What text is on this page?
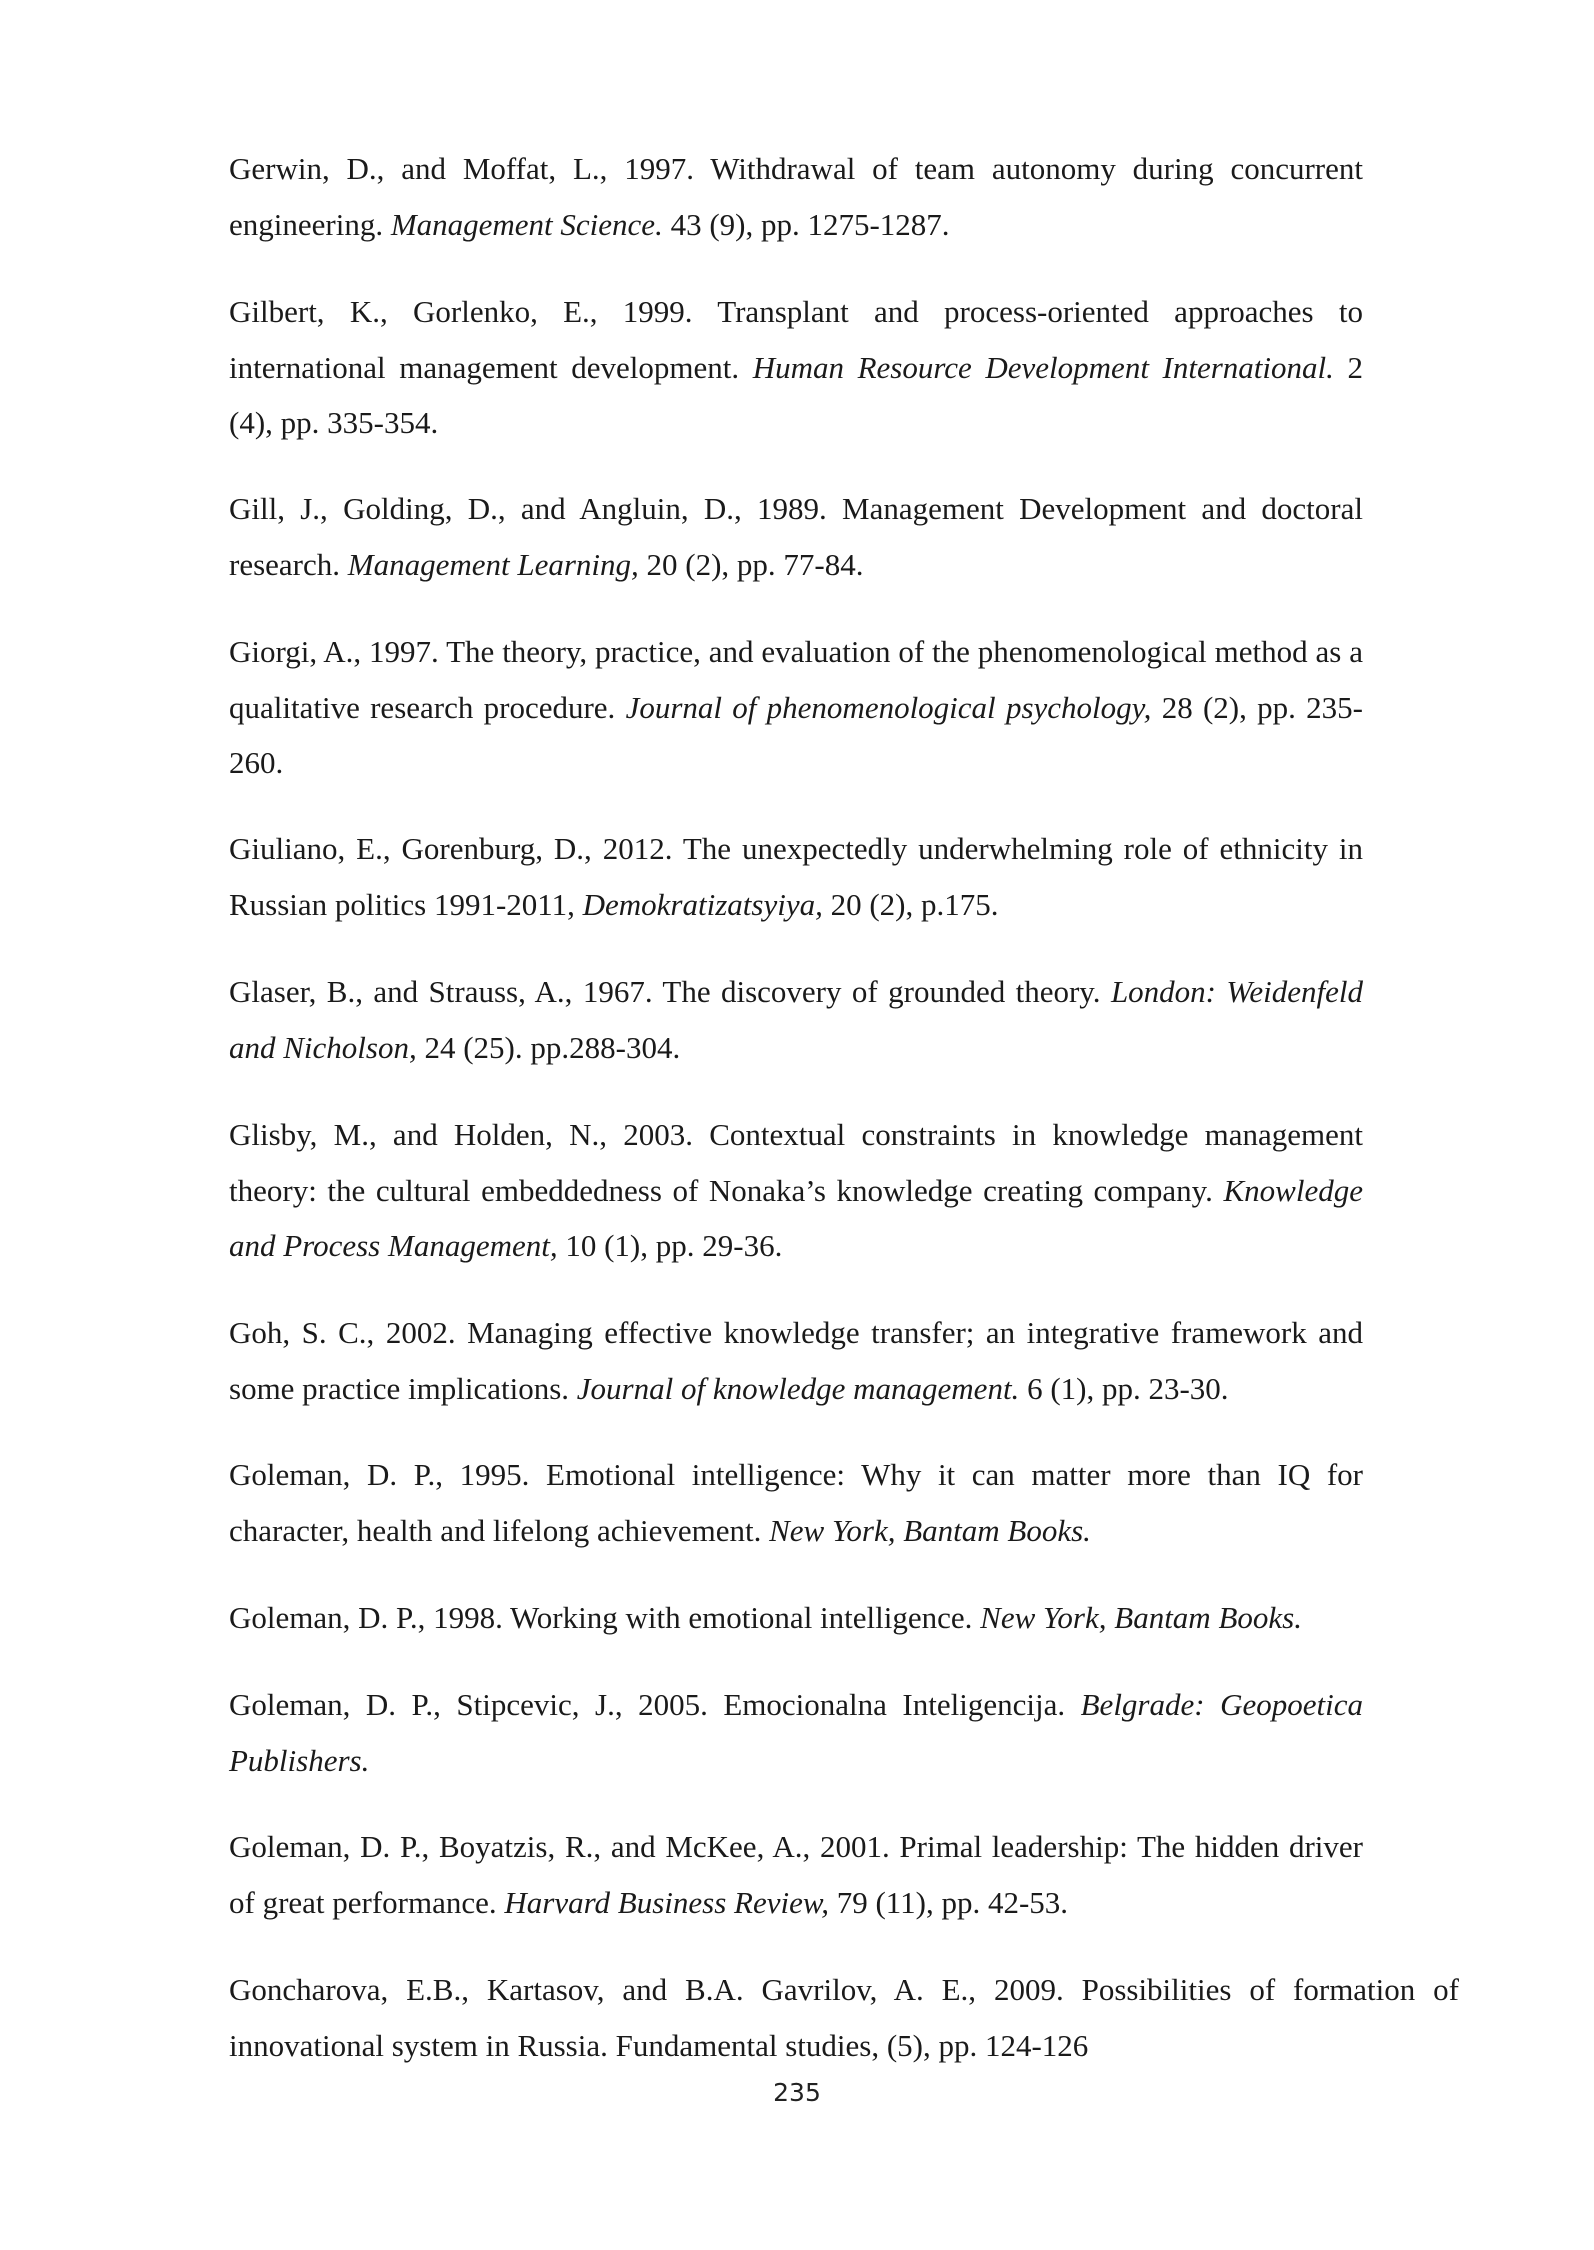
Gerwin, D., and Moffat, L., 1997. Withdrawal of team autonomy during concurrent engineering. Management Science. 43 (9), pp. 1275-1287.

Gilbert, K., Gorlenko, E., 1999. Transplant and process-oriented approaches to international management development. Human Resource Development International. 2 (4), pp. 335-354.

Gill, J., Golding, D., and Angluin, D., 1989. Management Development and doctoral research. Management Learning, 20 (2), pp. 77-84.

Giorgi, A., 1997. The theory, practice, and evaluation of the phenomenological method as a qualitative research procedure. Journal of phenomenological psychology, 28 (2), pp. 235-260.

Giuliano, E., Gorenburg, D., 2012. The unexpectedly underwhelming role of ethnicity in Russian politics 1991-2011, Demokratizatsyiya, 20 (2), p.175.

Glaser, B., and Strauss, A., 1967. The discovery of grounded theory. London: Weidenfeld and Nicholson, 24 (25). pp.288-304.

Glisby, M., and Holden, N., 2003. Contextual constraints in knowledge management theory: the cultural embeddedness of Nonaka’s knowledge creating company. Knowledge and Process Management, 10 (1), pp. 29-36.

Goh, S. C., 2002. Managing effective knowledge transfer; an integrative framework and some practice implications. Journal of knowledge management. 6 (1), pp. 23-30.

Goleman, D. P., 1995. Emotional intelligence: Why it can matter more than IQ for character, health and lifelong achievement. New York, Bantam Books.

Goleman, D. P., 1998. Working with emotional intelligence. New York, Bantam Books.

Goleman, D. P., Stipcevic, J., 2005. Emocionalna Inteligencija. Belgrade: Geopoetica Publishers.

Goleman, D. P., Boyatzis, R., and McKee, A., 2001. Primal leadership: The hidden driver of great performance. Harvard Business Review, 79 (11), pp. 42-53.

Goncharova, E.B., Kartasov, and B.A. Gavrilov, A. E., 2009. Possibilities of formation of innovational system in Russia. Fundamental studies, (5), pp. 124-126

235
